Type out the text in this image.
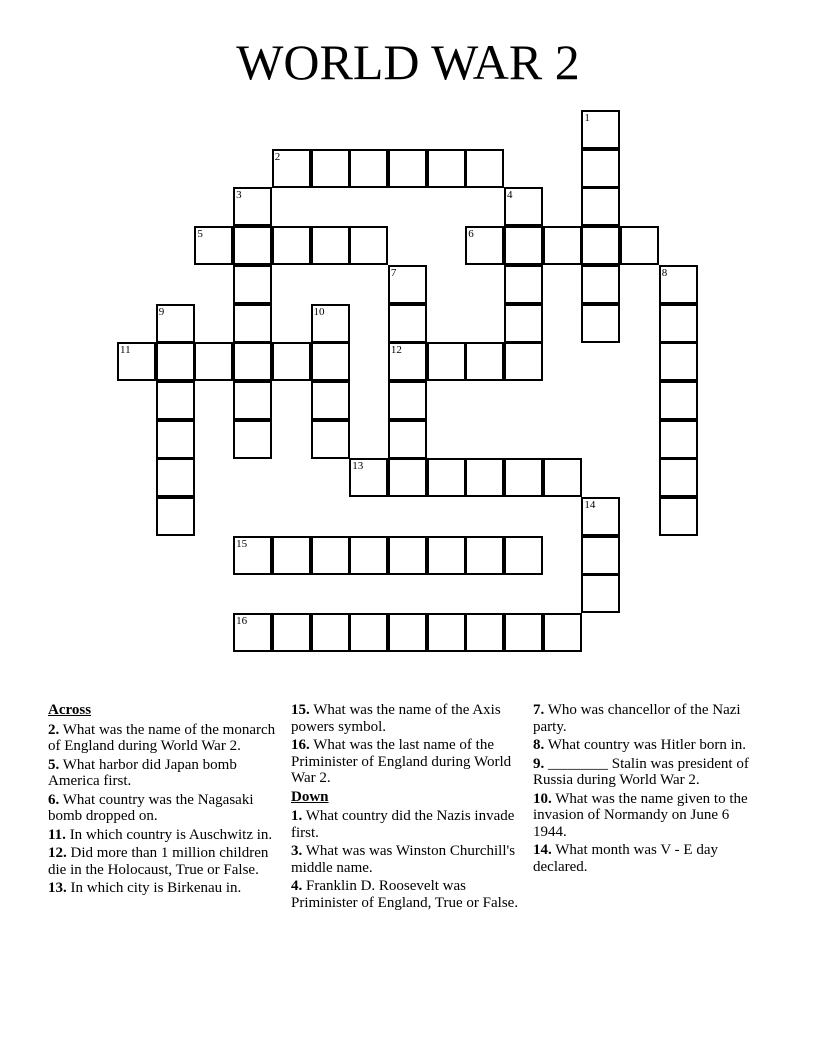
WORLD WAR 2
1
2
3	4
5	6
7	8
9	10
11	12
13
14
15
16
Across
2. What was the name of the monarch of England during World War 2.
5. What harbor did Japan bomb America first.
6. What country was the Nagasaki bomb dropped on.
11. In which country is Auschwitz in.
12. Did more than 1 million children die in the Holocaust, True or False.
13. In which city is Birkenau in.
15. What was the name of the Axis powers symbol.
16. What was the last name of the Priminister of England during World War 2.
Down
1. What country did the Nazis invade first.
3. What was was Winston Churchill's middle name.
4. Franklin D. Roosevelt was Priminister of England, True or False.
7. Who was chancellor of the Nazi party.
8. What country was Hitler born in.
9. ________ Stalin was president of Russia during World War 2.
10. What was the name given to the invasion of Normandy on June 6 1944.
14. What month was V - E day declared.
